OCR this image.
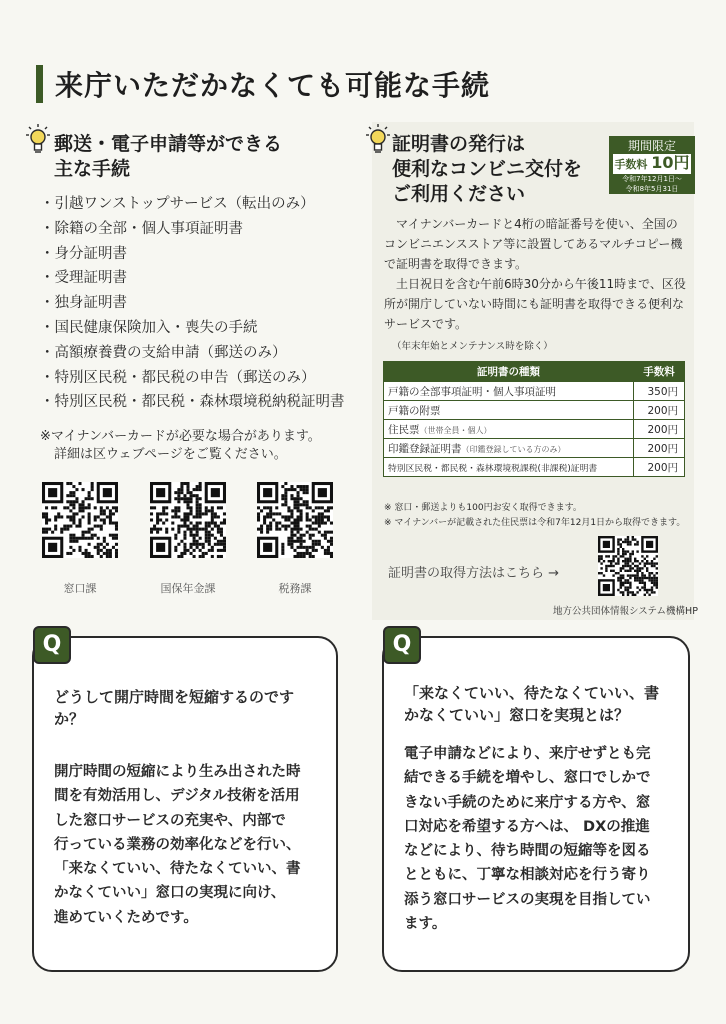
来庁いただかなくても可能な手続
郵送・電子申請等ができる
主な手続
・引越ワンストップサービス（転出のみ）
・除籍の全部・個人事項証明書
・身分証明書
・受理証明書
・独身証明書
・国民健康保険加入・喪失の手続
・高額療養費の支給申請（郵送のみ）
・特別区民税・都民税の申告（郵送のみ）
・特別区民税・都民税・森林環境税納税証明書
※マイナンバーカードが必要な場合があります。
詳細は区ウェブページをご覧ください。
窓口課	国保年金課	税務課
証明書の発行は
便利なコンビニ交付を
ご利用ください
期間限定
手数料 10円
令和7年12月1日〜
令和8年5月31日
マイナンバーカードと4桁の暗証番号を使い、全国のコンビニエンスストア等に設置してあるマルチコピー機で証明書を取得できます。
土日祝日を含む午前6時30分から午後11時まで、区役所が開庁していない時間にも証明書を取得できる便利なサービスです。
（年末年始とメンテナンス時を除く）
証明書の種類	手数料
戸籍の全部事項証明・個人事項証明	350円
戸籍の附票	200円
住民票（世帯全員・個人）	200円
印鑑登録証明書（印鑑登録している方のみ）	200円
特別区民税・都民税・森林環境税課税(非課税)証明書	200円
※ 窓口・郵送よりも100円お安く取得できます。
※ マイナンバーが記載された住民票は令和7年12月1日から取得できます。
証明書の取得方法はこちら →
地方公共団体情報システム機構HP
Q
どうして開庁時間を短縮するのです
か？
開庁時間の短縮により生み出された時
間を有効活用し、デジタル技術を活用
した窓口サービスの充実や、内部で
行っている業務の効率化などを行い、
「来なくていい、待たなくていい、書
かなくていい」窓口の実現に向け、
進めていくためです。
Q
「来なくていい、待たなくていい、書
かなくていい」窓口を実現とは？
電子申請などにより、来庁せずとも完
結できる手続を増やし、窓口でしかで
きない手続のために来庁する方や、窓
口対応を希望する方へは、 DXの推進
などにより、待ち時間の短縮等を図る
とともに、丁寧な相談対応を行う寄り
添う窓口サービスの実現を目指してい
ます。
